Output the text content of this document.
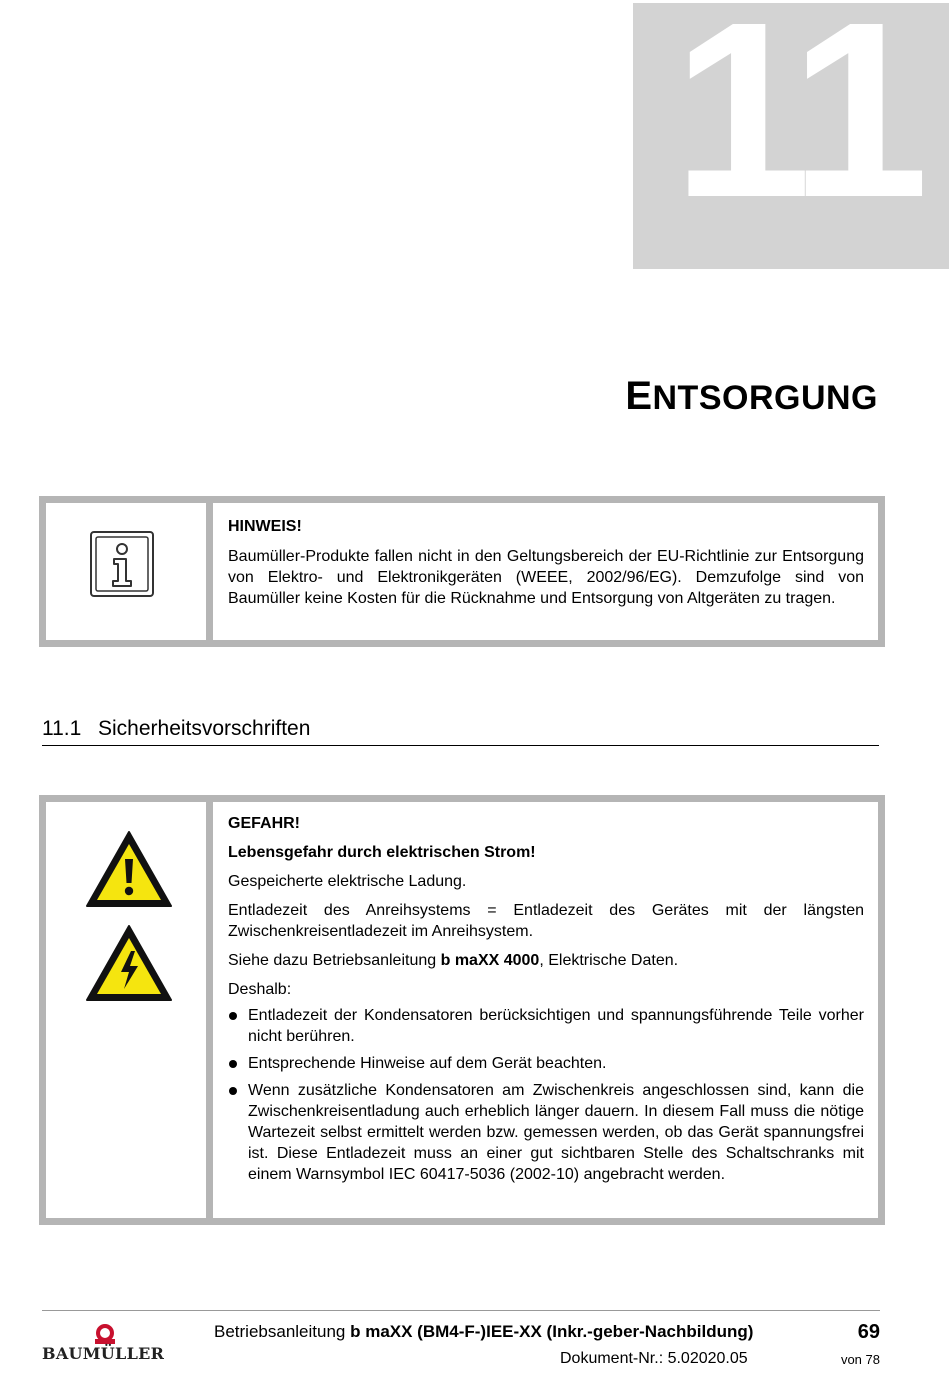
11
ENTSORGUNG
HINWEIS!
Baumüller-Produkte fallen nicht in den Geltungsbereich der EU-Richtlinie zur Entsorgung von Elektro- und Elektronikgeräten (WEEE, 2002/96/EG). Demzufolge sind von Baumüller keine Kosten für die Rücknahme und Entsorgung von Altgeräten zu tragen.
11.1 Sicherheitsvorschriften

GEFAHR!

Lebensgefahr durch elektrischen Strom!

Gespeicherte elektrische Ladung.

Entladezeit des Anreihsystems = Entladezeit des Gerätes mit der längsten Zwischenkreisentladezeit im Anreihsystem.

Siehe dazu Betriebsanleitung b maXX 4000, Elektrische Daten.

Deshalb:

Entladezeit der Kondensatoren berücksichtigen und spannungsführende Teile vorher nicht berühren.
Entsprechende Hinweise auf dem Gerät beachten.
Wenn zusätzliche Kondensatoren am Zwischenkreis angeschlossen sind, kann die Zwischenkreisentladung auch erheblich länger dauern. In diesem Fall muss die nötige Wartezeit selbst ermittelt werden bzw. gemessen werden, ob das Gerät spannungsfrei ist. Diese Entladezeit muss an einer gut sichtbaren Stelle des Schaltschranks mit einem Warnsymbol IEC 60417-5036 (2002-10) angebracht werden.
BAUMÜLLER
Betriebsanleitung b maXX (BM4-F-)IEE-XX (Inkr.-geber-Nachbildung)	69
Dokument-Nr.: 5.02020.05	von 78
